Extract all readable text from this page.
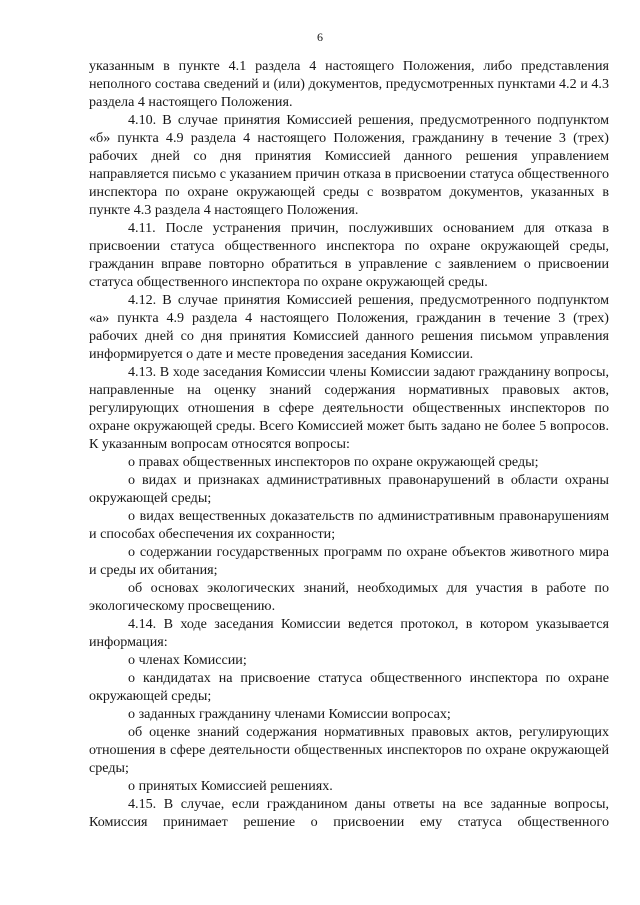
6

указанным в пункте 4.1 раздела 4 настоящего Положения, либо представления неполного состава сведений и (или) документов, предусмотренных пунктами 4.2 и 4.3 раздела 4 настоящего Положения.

4.10. В случае принятия Комиссией решения, предусмотренного подпунктом «б» пункта 4.9 раздела 4 настоящего Положения, гражданину в течение 3 (трех) рабочих дней со дня принятия Комиссией данного решения управлением направляется письмо с указанием причин отказа в присвоении статуса общественного инспектора по охране окружающей среды с возвратом документов, указанных в пункте 4.3 раздела 4 настоящего Положения.

4.11. После устранения причин, послуживших основанием для отказа в присвоении статуса общественного инспектора по охране окружающей среды, гражданин вправе повторно обратиться в управление с заявлением о присвоении статуса общественного инспектора по охране окружающей среды.

4.12. В случае принятия Комиссией решения, предусмотренного подпунктом «а» пункта 4.9 раздела 4 настоящего Положения, гражданин в течение 3 (трех) рабочих дней со дня принятия Комиссией данного решения письмом управления информируется о дате и месте проведения заседания Комиссии.

4.13. В ходе заседания Комиссии члены Комиссии задают гражданину вопросы, направленные на оценку знаний содержания нормативных правовых актов, регулирующих отношения в сфере деятельности общественных инспекторов по охране окружающей среды. Всего Комиссией может быть задано не более 5 вопросов. К указанным вопросам относятся вопросы:

о правах общественных инспекторов по охране окружающей среды;

о видах и признаках административных правонарушений в области охраны окружающей среды;

о видах вещественных доказательств по административным правонарушениям и способах обеспечения их сохранности;

о содержании государственных программ по охране объектов животного мира и среды их обитания;

об основах экологических знаний, необходимых для участия в работе по экологическому просвещению.

4.14. В ходе заседания Комиссии ведется протокол, в котором указывается информация:

о членах Комиссии;

о кандидатах на присвоение статуса общественного инспектора по охране окружающей среды;

о заданных гражданину членами Комиссии вопросах;

об оценке знаний содержания нормативных правовых актов, регулирующих отношения в сфере деятельности общественных инспекторов по охране окружающей среды;

о принятых Комиссией решениях.

4.15. В случае, если гражданином даны ответы на все заданные вопросы, Комиссия принимает решение о присвоении ему статуса общественного
